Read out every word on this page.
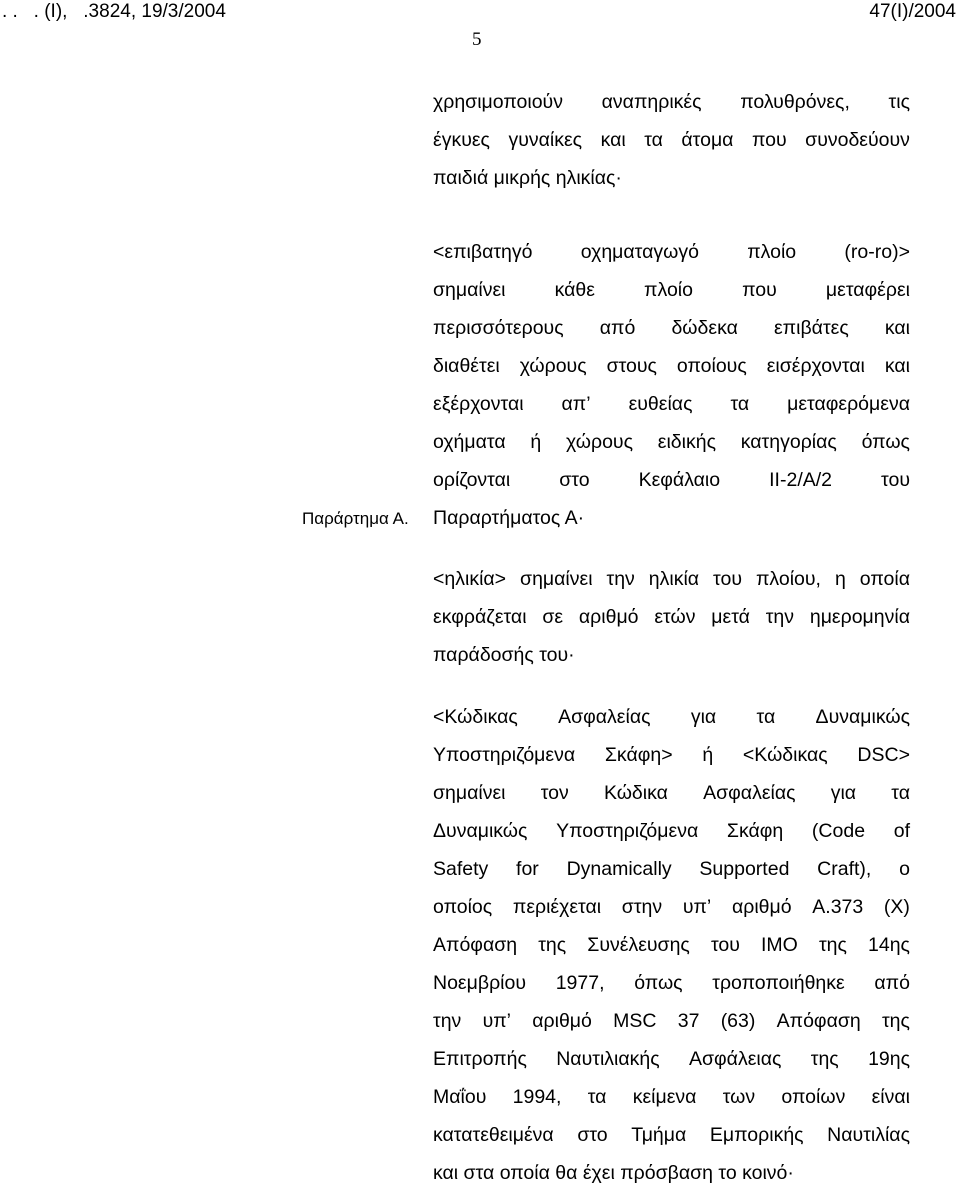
. .   . (I),   .3824, 19/3/2004	47(I)/2004
5
Παράρτημα Α.
χρησιμοποιούν αναπηρικές πολυθρόνες, τις
έγκυες γυναίκες και τα άτομα που συνοδεύουν
παιδιά μικρής ηλικίας·
<επιβατηγό οχηματαγωγό πλοίο (ro-ro)>
σημαίνει	κάθε	πλοίο	που	μεταφέρει
περισσότερους από δώδεκα επιβάτες και
διαθέτει χώρους στους οποίους εισέρχονται και
εξέρχονται απ’ ευθείας τα μεταφερόμενα
οχήματα ή χώρους ειδικής κατηγορίας όπως
ορίζονται	στο	Κεφάλαιο	II-2/A/2	του
Παραρτήματος Α·
<ηλικία> σημαίνει την ηλικία του πλοίου, η οποία
εκφράζεται σε αριθμό ετών μετά την ημερομηνία
παράδοσής του·
<Κώδικας Ασφαλείας για τα Δυναμικώς
Υποστηριζόμενα Σκάφη> ή <Κώδικας DSC>
σημαίνει τον Κώδικα Ασφαλείας για τα
Δυναμικώς Υποστηριζόμενα Σκάφη (Code of
Safety for Dynamically Supported Craft), ο
οποίος περιέχεται στην υπ’ αριθμό A.373 (X)
Απόφαση της Συνέλευσης του IMO της 14ης
Νοεμβρίου 1977, όπως τροποποιήθηκε από
την υπ’ αριθμό MSC 37 (63) Απόφαση της
Επιτροπής Ναυτιλιακής Ασφάλειας της 19ης
Μαΐου 1994, τα κείμενα των οποίων είναι
κατατεθειμένα στο Τμήμα Εμπορικής Ναυτιλίας
και στα οποία θα έχει πρόσβαση το κοινό·
